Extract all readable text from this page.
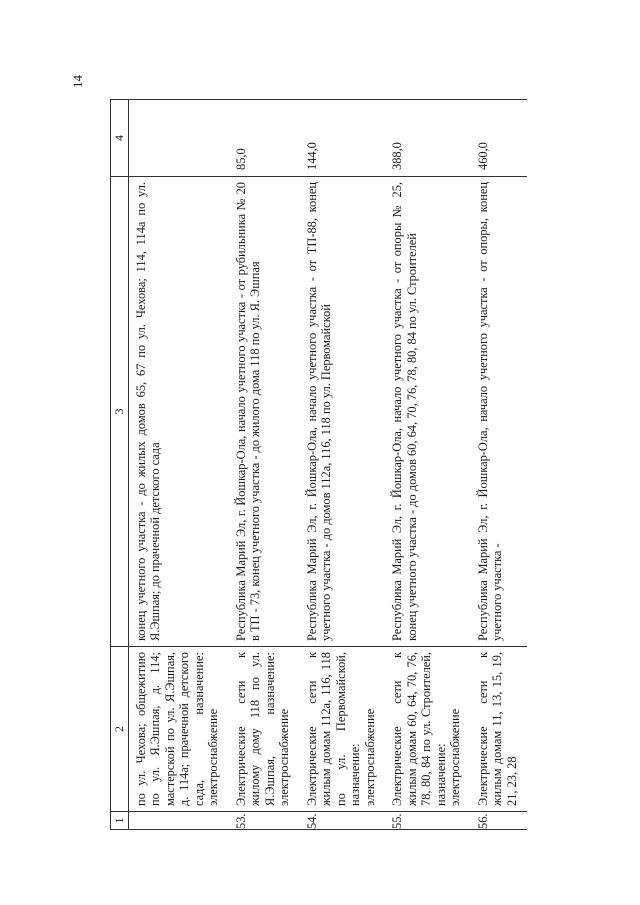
14
1	2	3	4
	по ул. Чехова; общежитию по ул. Я.Эшпая, д. 114; мастерской по ул. Я.Эшпая, д. 114а; прачечной детского сада, назначение: электроснабжение	конец учетного участка - до жилых домов 65, 67 по ул. Чехова; 114, 114а по ул. Я.Эшпая; до прачечной детского сада	
53.	Электрические сети к жилому дому 118 по ул. Я.Эшпая, назначение: электроснабжение	Республика Марий Эл, г. Йошкар-Ола, начало учетного участка - от рубильника № 20 в ТП - 73, конец учетного участка - до жилого дома 118 по ул. Я. Эшпая	85,0
54.	Электрические сети к жилым домам 112а, 116, 118 по ул. Первомайской, назначение: электроснабжение	Республика Марий Эл, г. Йошкар-Ола, начало учетного участка - от ТП-88, конец учетного участка - до домов 112а, 116, 118 по ул. Первомайской	144,0
55.	Электрические сети к жилым домам 60, 64, 70, 76, 78, 80, 84 по ул. Строителей, назначение: электроснабжение	Республика Марий Эл, г. Йошкар-Ола, начало учетного участка - от опоры № 25, конец учетного участка - до домов 60, 64, 70, 76, 78, 80, 84 по ул. Строителей	388,0
56.	Электрические сети к жилым домам 11, 13, 15, 19, 21, 23, 28	Республика Марий Эл, г. Йошкар-Ола, начало учетного участка - от опоры, конец учетного участка -	460,0
